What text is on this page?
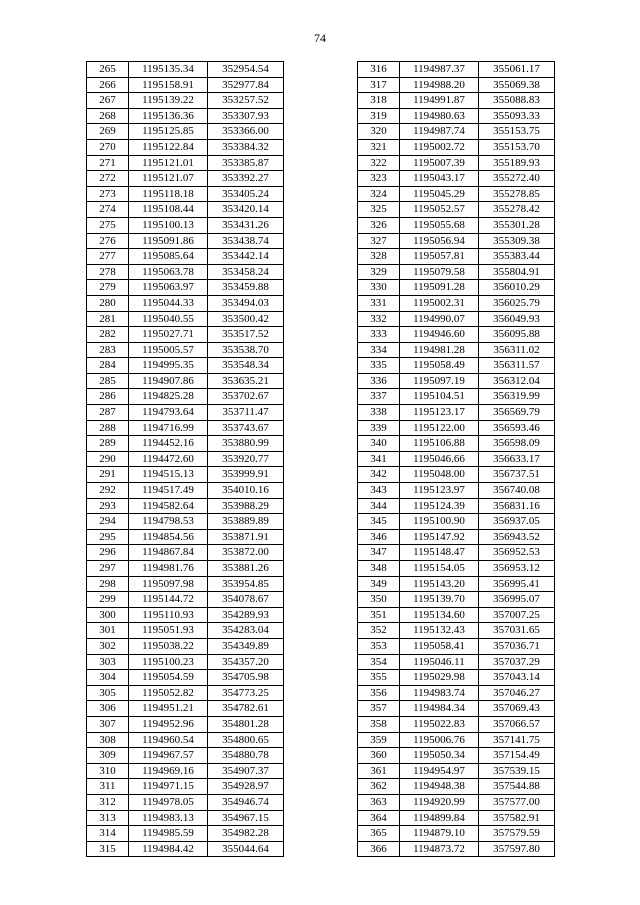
74
265	1195135.34	352954.54
266	1195158.91	352977.84
267	1195139.22	353257.52
268	1195136.36	353307.93
269	1195125.85	353366.00
270	1195122.84	353384.32
271	1195121.01	353385.87
272	1195121.07	353392.27
273	1195118.18	353405.24
274	1195108.44	353420.14
275	1195100.13	353431.26
276	1195091.86	353438.74
277	1195085.64	353442.14
278	1195063.78	353458.24
279	1195063.97	353459.88
280	1195044.33	353494.03
281	1195040.55	353500.42
282	1195027.71	353517.52
283	1195005.57	353538.70
284	1194995.35	353548.34
285	1194907.86	353635.21
286	1194825.28	353702.67
287	1194793.64	353711.47
288	1194716.99	353743.67
289	1194452.16	353880.99
290	1194472.60	353920.77
291	1194515.13	353999.91
292	1194517.49	354010.16
293	1194582.64	353988.29
294	1194798.53	353889.89
295	1194854.56	353871.91
296	1194867.84	353872.00
297	1194981.76	353881.26
298	1195097.98	353954.85
299	1195144.72	354078.67
300	1195110.93	354289.93
301	1195051.93	354283.04
302	1195038.22	354349.89
303	1195100.23	354357.20
304	1195054.59	354705.98
305	1195052.82	354773.25
306	1194951.21	354782.61
307	1194952.96	354801.28
308	1194960.54	354800.65
309	1194967.57	354880.78
310	1194969.16	354907.37
311	1194971.15	354928.97
312	1194978.05	354946.74
313	1194983.13	354967.15
314	1194985.59	354982.28
315	1194984.42	355044.64
316	1194987.37	355061.17
317	1194988.20	355069.38
318	1194991.87	355088.83
319	1194980.63	355093.33
320	1194987.74	355153.75
321	1195002.72	355153.70
322	1195007.39	355189.93
323	1195043.17	355272.40
324	1195045.29	355278.85
325	1195052.57	355278.42
326	1195055.68	355301.28
327	1195056.94	355309.38
328	1195057.81	355383.44
329	1195079.58	355804.91
330	1195091.28	356010.29
331	1195002.31	356025.79
332	1194990.07	356049.93
333	1194946.60	356095.88
334	1194981.28	356311.02
335	1195058.49	356311.57
336	1195097.19	356312.04
337	1195104.51	356319.99
338	1195123.17	356569.79
339	1195122.00	356593.46
340	1195106.88	356598.09
341	1195046.66	356633.17
342	1195048.00	356737.51
343	1195123.97	356740.08
344	1195124.39	356831.16
345	1195100.90	356937.05
346	1195147.92	356943.52
347	1195148.47	356952.53
348	1195154.05	356953.12
349	1195143.20	356995.41
350	1195139.70	356995.07
351	1195134.60	357007.25
352	1195132.43	357031.65
353	1195058.41	357036.71
354	1195046.11	357037.29
355	1195029.98	357043.14
356	1194983.74	357046.27
357	1194984.34	357069.43
358	1195022.83	357066.57
359	1195006.76	357141.75
360	1195050.34	357154.49
361	1194954.97	357539.15
362	1194948.38	357544.88
363	1194920.99	357577.00
364	1194899.84	357582.91
365	1194879.10	357579.59
366	1194873.72	357597.80
